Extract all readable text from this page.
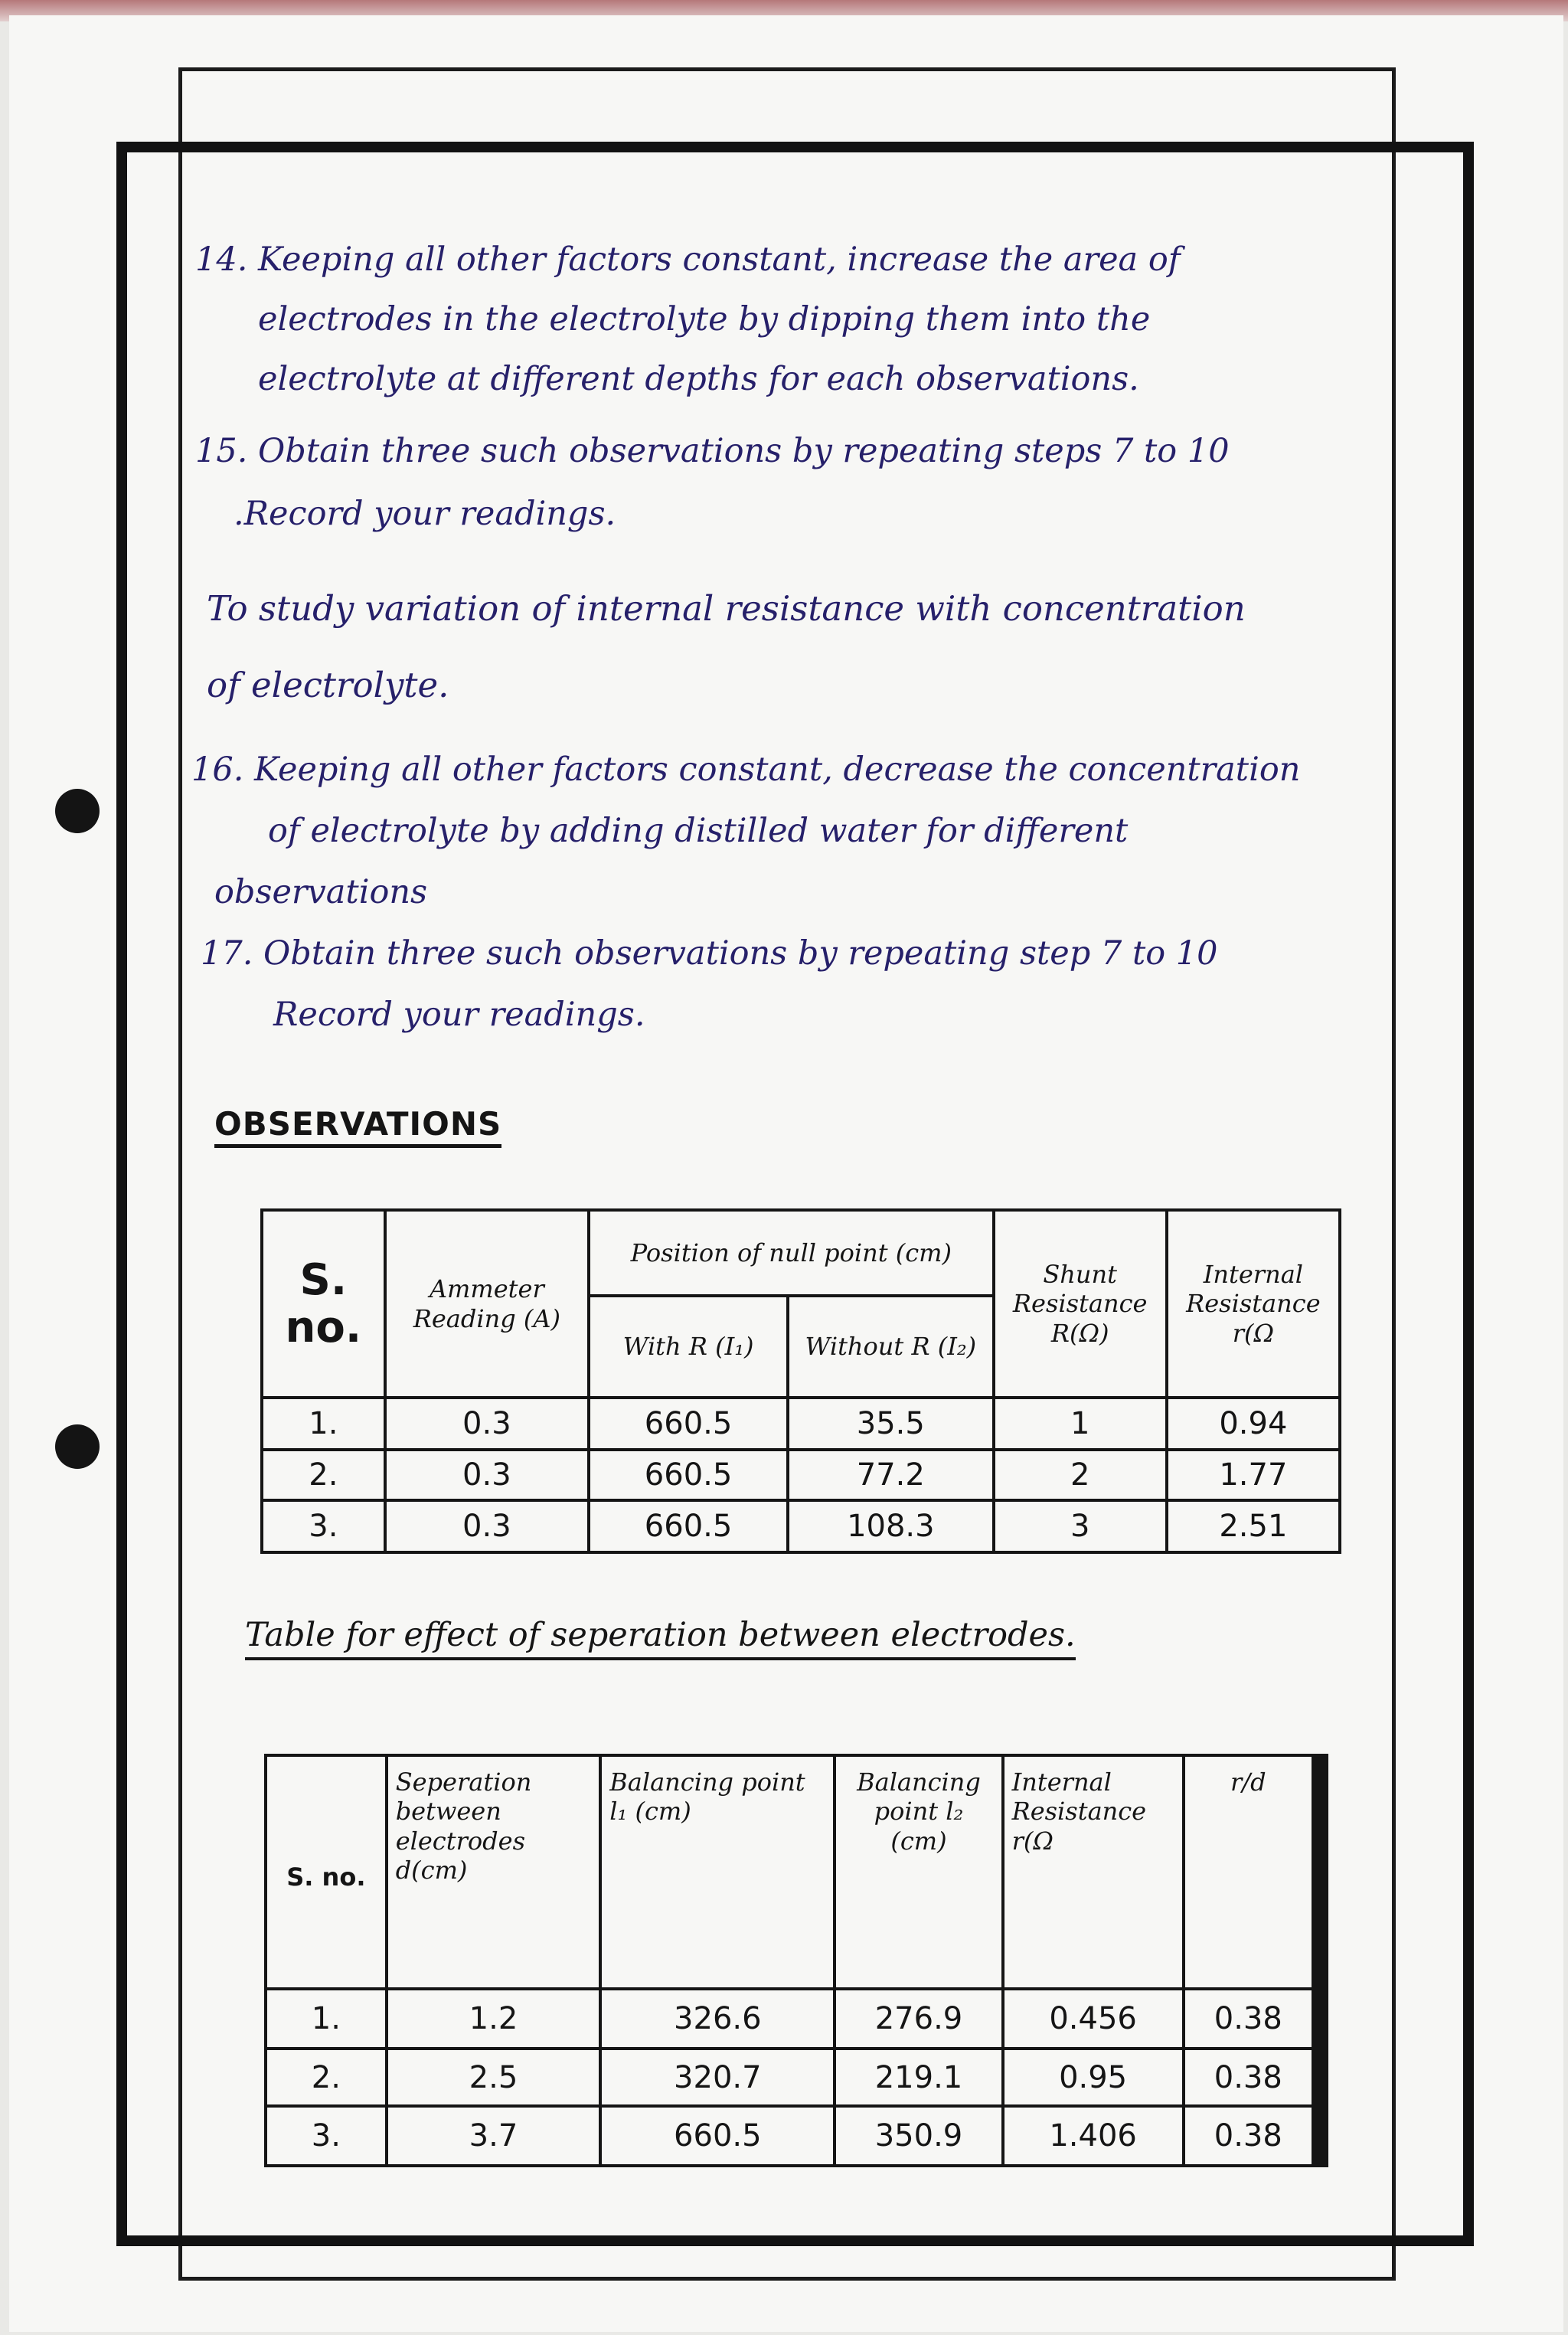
14. Keeping all other factors constant, increase the area of
electrodes in the electrolyte by dipping them into the
electrolyte at different depths for each observations.
15. Obtain three such observations by repeating steps 7 to 10
.Record your readings.
To study variation of internal resistance with concentration
of electrolyte.
16. Keeping all other factors constant, decrease the concentration
of electrolyte by adding distilled water for different
observations
17. Obtain three such observations by repeating step 7 to 10
Record your readings.
OBSERVATIONS
S. no.	Ammeter Reading (A)	Position of null point (cm)		Shunt Resistance R(Ω)	Internal Resistance r(Ω
		With R (I₁)	Without R (I₂)		
1.	0.3	660.5	35.5	1	0.94
2.	0.3	660.5	77.2	2	1.77
3.	0.3	660.5	108.3	3	2.51
Table for effect of seperation between electrodes.
S. no.	Seperation between electrodes d(cm)	Balancing point l₁ (cm)	Balancing point l₂ (cm)	Internal Resistance r(Ω	r/d
1.	1.2	326.6	276.9	0.456	0.38
2.	2.5	320.7	219.1	0.95	0.38
3.	3.7	660.5	350.9	1.406	0.38
